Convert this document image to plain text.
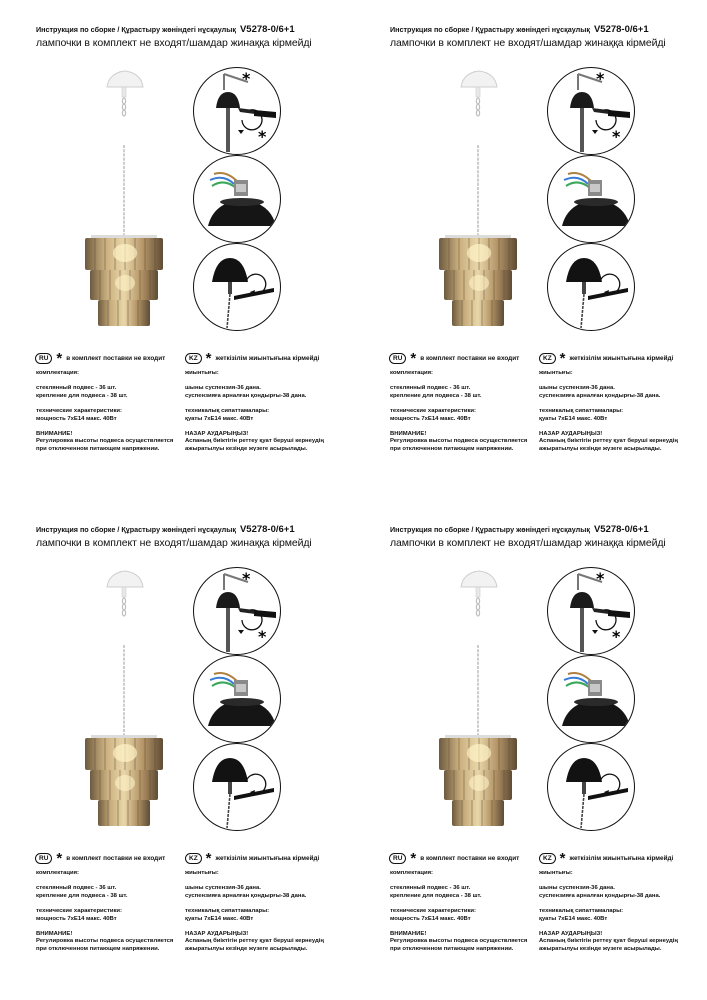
Инструкция по сборке / Құрастыру жөніндегі нұсқаулық V5278-0/6+1
лампочки в комплект не входят/шамдар жинаққа кірмейді
*
*
RU * в комплект поставки не входит

комплектация:

стеклянный подвес - 36 шт.

крепление для подвеса - 38 шт.

технические характеристики:

мощность 7хЕ14 макс. 40Вт

ВНИМАНИЕ!

Регулировка высоты подвеса осуществляется

при отключенном питающем напряжении.

KZ * жеткізілім жиынтығына кірмейді

жиынтығы:

шыны суспензия-36 дана.

суспензияға арналған қондырғы-38 дана.

техникалық сипаттамалары:

қуаты 7хЕ14 макс. 40Вт

НАЗАР АУДАРЫҢЫЗ!

Аспаның биіктігін реттеу қуат беруші кернеудің

ажыратылуы кезінде жүзеге асырылады.

Инструкция по сборке / Құрастыру жөніндегі нұсқаулық V5278-0/6+1
лампочки в комплект не входят/шамдар жинаққа кірмейді
*
*
RU * в комплект поставки не входит

комплектация:

стеклянный подвес - 36 шт.

крепление для подвеса - 38 шт.

технические характеристики:

мощность 7хЕ14 макс. 40Вт

ВНИМАНИЕ!

Регулировка высоты подвеса осуществляется

при отключенном питающем напряжении.

KZ * жеткізілім жиынтығына кірмейді

жиынтығы:

шыны суспензия-36 дана.

суспензияға арналған қондырғы-38 дана.

техникалық сипаттамалары:

қуаты 7хЕ14 макс. 40Вт

НАЗАР АУДАРЫҢЫЗ!

Аспаның биіктігін реттеу қуат беруші кернеудің

ажыратылуы кезінде жүзеге асырылады.

Инструкция по сборке / Құрастыру жөніндегі нұсқаулық V5278-0/6+1
лампочки в комплект не входят/шамдар жинаққа кірмейді
*
*
RU * в комплект поставки не входит

комплектация:

стеклянный подвес - 36 шт.

крепление для подвеса - 38 шт.

технические характеристики:

мощность 7хЕ14 макс. 40Вт

ВНИМАНИЕ!

Регулировка высоты подвеса осуществляется

при отключенном питающем напряжении.

KZ * жеткізілім жиынтығына кірмейді

жиынтығы:

шыны суспензия-36 дана.

суспензияға арналған қондырғы-38 дана.

техникалық сипаттамалары:

қуаты 7хЕ14 макс. 40Вт

НАЗАР АУДАРЫҢЫЗ!

Аспаның биіктігін реттеу қуат беруші кернеудің

ажыратылуы кезінде жүзеге асырылады.

Инструкция по сборке / Құрастыру жөніндегі нұсқаулық V5278-0/6+1
лампочки в комплект не входят/шамдар жинаққа кірмейді
*
*
RU * в комплект поставки не входит

комплектация:

стеклянный подвес - 36 шт.

крепление для подвеса - 38 шт.

технические характеристики:

мощность 7хЕ14 макс. 40Вт

ВНИМАНИЕ!

Регулировка высоты подвеса осуществляется

при отключенном питающем напряжении.

KZ * жеткізілім жиынтығына кірмейді

жиынтығы:

шыны суспензия-36 дана.

суспензияға арналған қондырғы-38 дана.

техникалық сипаттамалары:

қуаты 7хЕ14 макс. 40Вт

НАЗАР АУДАРЫҢЫЗ!

Аспаның биіктігін реттеу қуат беруші кернеудің

ажыратылуы кезінде жүзеге асырылады.
